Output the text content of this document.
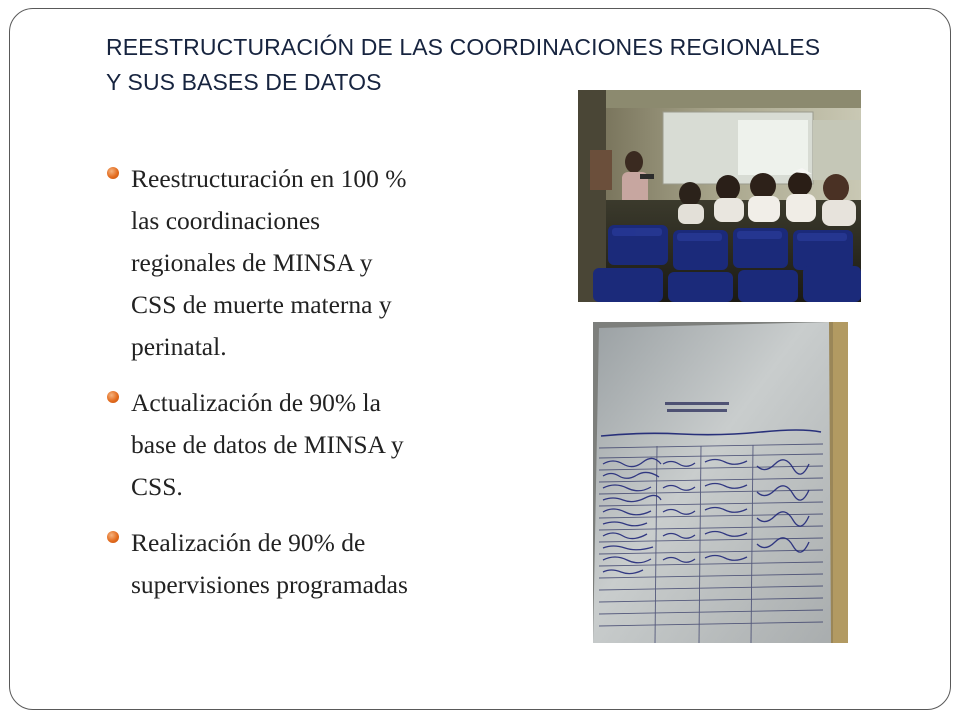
REESTRUCTURACIÓN DE LAS COORDINACIONES REGIONALES
Y SUS BASES DE DATOS
Reestructuración en 100 %
las coordinaciones
regionales de MINSA y
CSS de muerte materna y
perinatal.
Actualización de 90% la
base de datos de MINSA y
CSS.
Realización de 90% de
supervisiones programadas
